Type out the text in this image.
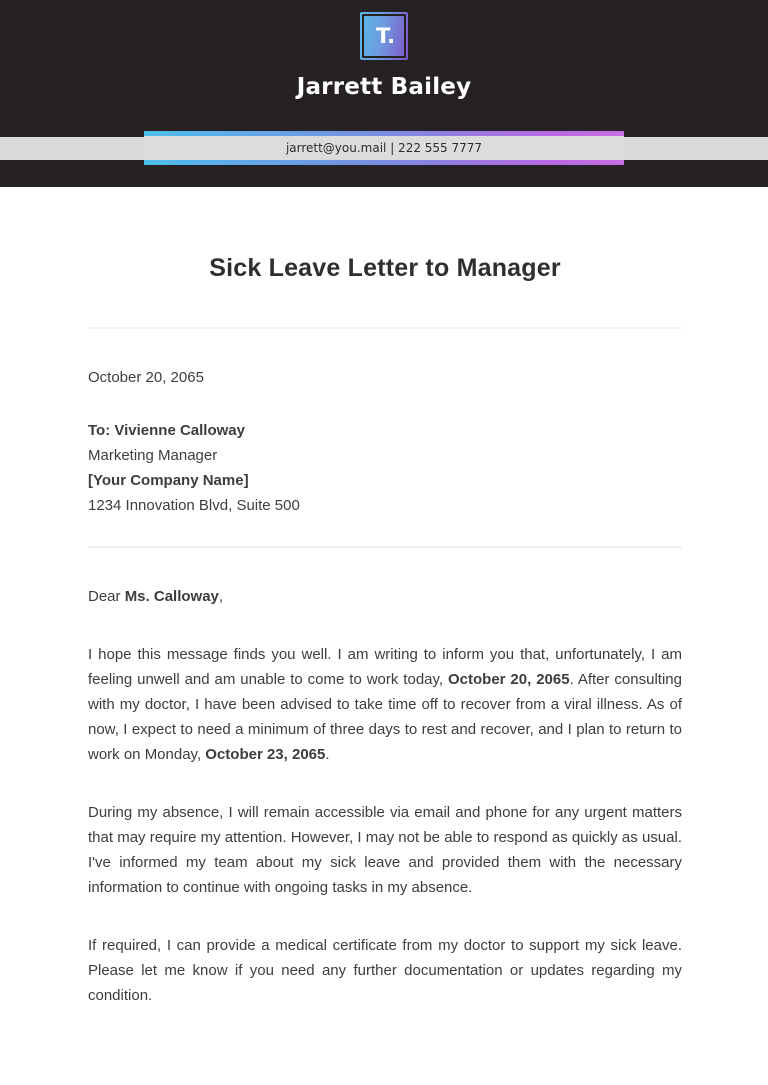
T.
Jarrett Bailey
jarrett@you.mail | 222 555 7777
Sick Leave Letter to Manager

October 20, 2065

To: Vivienne Calloway
Marketing Manager
[Your Company Name]
1234 Innovation Blvd, Suite 500

Dear Ms. Calloway,

I hope this message finds you well. I am writing to inform you that, unfortunately, I am feeling unwell and am unable to come to work today, October 20, 2065. After consulting with my doctor, I have been advised to take time off to recover from a viral illness. As of now, I expect to need a minimum of three days to rest and recover, and I plan to return to work on Monday, October 23, 2065.

During my absence, I will remain accessible via email and phone for any urgent matters that may require my attention. However, I may not be able to respond as quickly as usual. I've informed my team about my sick leave and provided them with the necessary information to continue with ongoing tasks in my absence.

If required, I can provide a medical certificate from my doctor to support my sick leave. Please let me know if you need any further documentation or updates regarding my condition.
